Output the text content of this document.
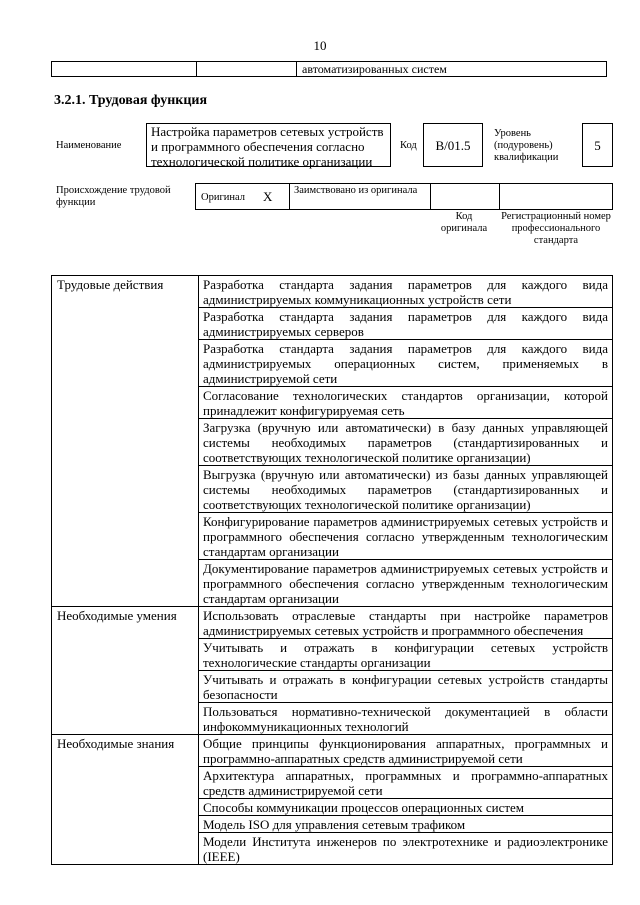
10
автоматизированных систем
3.2.1. Трудовая функция
Наименование
Настройка параметров сетевых устройств и программного обеспечения согласно технологической политике организации
Код B/01.5
Уровень (подуровень) квалификации
5
Происхождение трудовой функции	Оригинал X Заимствовано из оригинала
Код оригинала
Регистрационный номер профессионального стандарта
Трудовые действия	Разработка стандарта задания параметров для каждого вида администрируемых коммуникационных устройств сети
	Разработка стандарта задания параметров для каждого вида администрируемых серверов
	Разработка стандарта задания параметров для каждого вида администрируемых операционных систем, применяемых в администрируемой сети
	Согласование технологических стандартов организации, которой принадлежит конфигурируемая сеть
	Загрузка (вручную или автоматически) в базу данных управляющей системы необходимых параметров (стандартизированных и соответствующих технологической политике организации)
	Выгрузка (вручную или автоматически) из базы данных управляющей системы необходимых параметров (стандартизированных и соответствующих технологической политике организации)
	Конфигурирование параметров администрируемых сетевых устройств и программного обеспечения согласно утвержденным технологическим стандартам организации
	Документирование параметров администрируемых сетевых устройств и программного обеспечения согласно утвержденным технологическим стандартам организации
Необходимые умения	Использовать отраслевые стандарты при настройке параметров администрируемых сетевых устройств и программного обеспечения
	Учитывать и отражать в конфигурации сетевых устройств технологические стандарты организации
	Учитывать и отражать в конфигурации сетевых устройств стандарты безопасности
	Пользоваться нормативно-технической документацией в области инфокоммуникационных технологий
Необходимые знания	Общие принципы функционирования аппаратных, программных и программно-аппаратных средств администрируемой сети
	Архитектура аппаратных, программных и программно-аппаратных средств администрируемой сети
	Способы коммуникации процессов операционных систем
	Модель ISO для управления сетевым трафиком
	Модели Института инженеров по электротехнике и радиоэлектронике (IEEE)
